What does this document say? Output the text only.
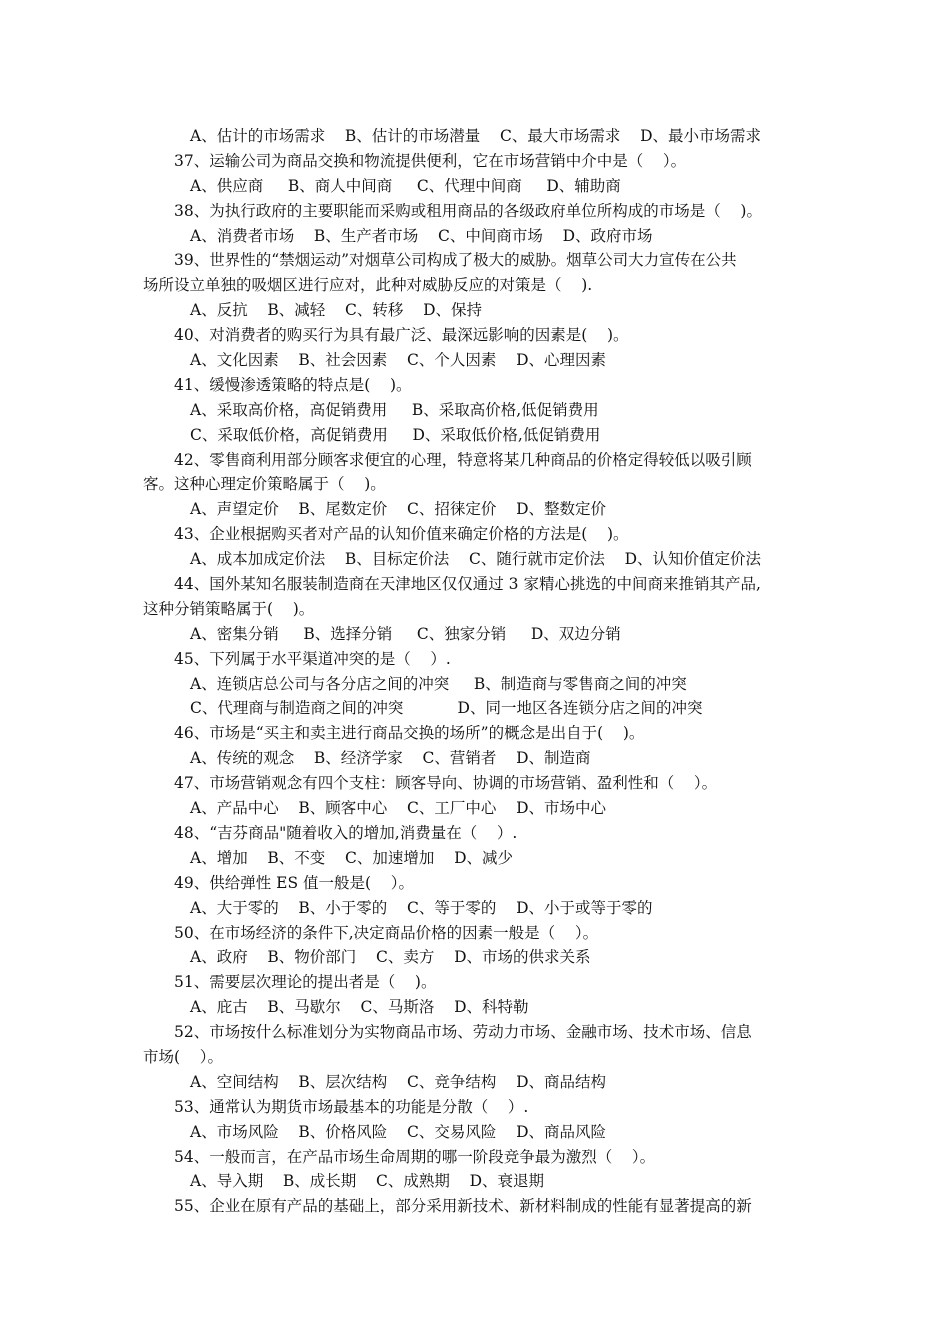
A、估计的市场需求    B、估计的市场潜量    C、最大市场需求    D、最小市场需求
37、运输公司为商品交换和物流提供便利，它在市场营销中介中是（    ）。
A、供应商     B、商人中间商     C、代理中间商     D、辅助商
38、为执行政府的主要职能而采购或租用商品的各级政府单位所构成的市场是（    )。
A、消费者市场    B、生产者市场    C、中间商市场    D、政府市场
39、世界性的“禁烟运动”对烟草公司构成了极大的威胁。烟草公司大力宣传在公共
场所设立单独的吸烟区进行应对，此种对威胁反应的对策是（    ).
A、反抗    B、减轻    C、转移    D、保持
40、对消费者的购买行为具有最广泛、最深远影响的因素是(    )。
A、文化因素    B、社会因素    C、个人因素    D、心理因素
41、缓慢渗透策略的特点是(    )。
A、采取高价格，高促销费用     B、采取高价格,低促销费用
C、采取低价格，高促销费用     D、采取低价格,低促销费用
42、零售商利用部分顾客求便宜的心理，特意将某几种商品的价格定得较低以吸引顾
客。这种心理定价策略属于（    )。
A、声望定价    B、尾数定价    C、招徕定价    D、整数定价
43、企业根据购买者对产品的认知价值来确定价格的方法是(    )。
A、成本加成定价法    B、目标定价法    C、随行就市定价法    D、认知价值定价法
44、国外某知名服装制造商在天津地区仅仅通过 3 家精心挑选的中间商来推销其产品,
这种分销策略属于(    )。
A、密集分销     B、选择分销     C、独家分销     D、双边分销
45、下列属于水平渠道冲突的是（    ）.
A、连锁店总公司与各分店之间的冲突     B、制造商与零售商之间的冲突
C、代理商与制造商之间的冲突           D、同一地区各连锁分店之间的冲突
46、市场是“买主和卖主进行商品交换的场所”的概念是出自于(    )。
A、传统的观念    B、经济学家    C、营销者    D、制造商
47、市场营销观念有四个支柱：顾客导向、协调的市场营销、盈利性和（    ）。
A、产品中心    B、顾客中心    C、工厂中心    D、市场中心
48、“吉芬商品"随着收入的增加,消费量在（    ）.
A、增加    B、不变    C、加速增加    D、减少
49、供给弹性 ES 值一般是(    ）。
A、大于零的    B、小于零的    C、等于零的    D、小于或等于零的
50、在市场经济的条件下,决定商品价格的因素一般是（    ）。
A、政府    B、物价部门    C、卖方    D、市场的供求关系
51、需要层次理论的提出者是（    )。
A、庇古    B、马歇尔    C、马斯洛    D、科特勒
52、市场按什么标准划分为实物商品市场、劳动力市场、金融市场、技术市场、信息
市场(    ）。
A、空间结构    B、层次结构    C、竞争结构    D、商品结构
53、通常认为期货市场最基本的功能是分散（    ）.
A、市场风险    B、价格风险    C、交易风险    D、商品风险
54、一般而言，在产品市场生命周期的哪一阶段竞争最为激烈（    ）。
A、导入期    B、成长期    C、成熟期    D、衰退期
55、企业在原有产品的基础上，部分采用新技术、新材料制成的性能有显著提高的新
